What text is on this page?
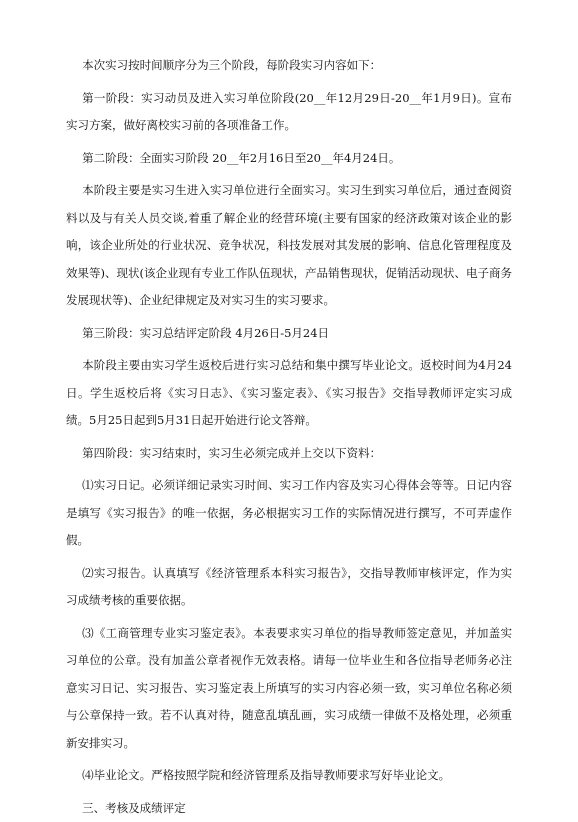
本次实习按时间顺序分为三个阶段，每阶段实习内容如下：

第一阶段：实习动员及进入实习单位阶段(20__年12月29日-20__年1月9日)。宣布实习方案，做好离校实习前的各项准备工作。

第二阶段：全面实习阶段 20__年2月16日至20__年4月24日。

本阶段主要是实习生进入实习单位进行全面实习。实习生到实习单位后，通过查阅资料以及与有关人员交谈,着重了解企业的经营环境(主要有国家的经济政策对该企业的影响，该企业所处的行业状况、竞争状况，科技发展对其发展的影响、信息化管理程度及效果等)、现状(该企业现有专业工作队伍现状，产品销售现状，促销活动现状、电子商务发展现状等)、企业纪律规定及对实习生的实习要求。

第三阶段：实习总结评定阶段 4月26日-5月24日

本阶段主要由实习学生返校后进行实习总结和集中撰写毕业论文。返校时间为4月24日。学生返校后将《实习日志》、《实习鉴定表》、《实习报告》交指导教师评定实习成绩。5月25日起到5月31日起开始进行论文答辩。

第四阶段：实习结束时，实习生必须完成并上交以下资料：

⑴实习日记。必须详细记录实习时间、实习工作内容及实习心得体会等等。日记内容是填写《实习报告》的唯一依据，务必根据实习工作的实际情况进行撰写，不可弄虚作假。

⑵实习报告。认真填写《经济管理系本科实习报告》，交指导教师审核评定，作为实习成绩考核的重要依据。

⑶《工商管理专业实习鉴定表》。本表要求实习单位的指导教师签定意见，并加盖实习单位的公章。没有加盖公章者视作无效表格。请每一位毕业生和各位指导老师务必注意实习日记、实习报告、实习鉴定表上所填写的实习内容必须一致，实习单位名称必须与公章保持一致。若不认真对待，随意乱填乱画，实习成绩一律做不及格处理，必须重新安排实习。

⑷毕业论文。严格按照学院和经济管理系及指导教师要求写好毕业论文。

三、考核及成绩评定
